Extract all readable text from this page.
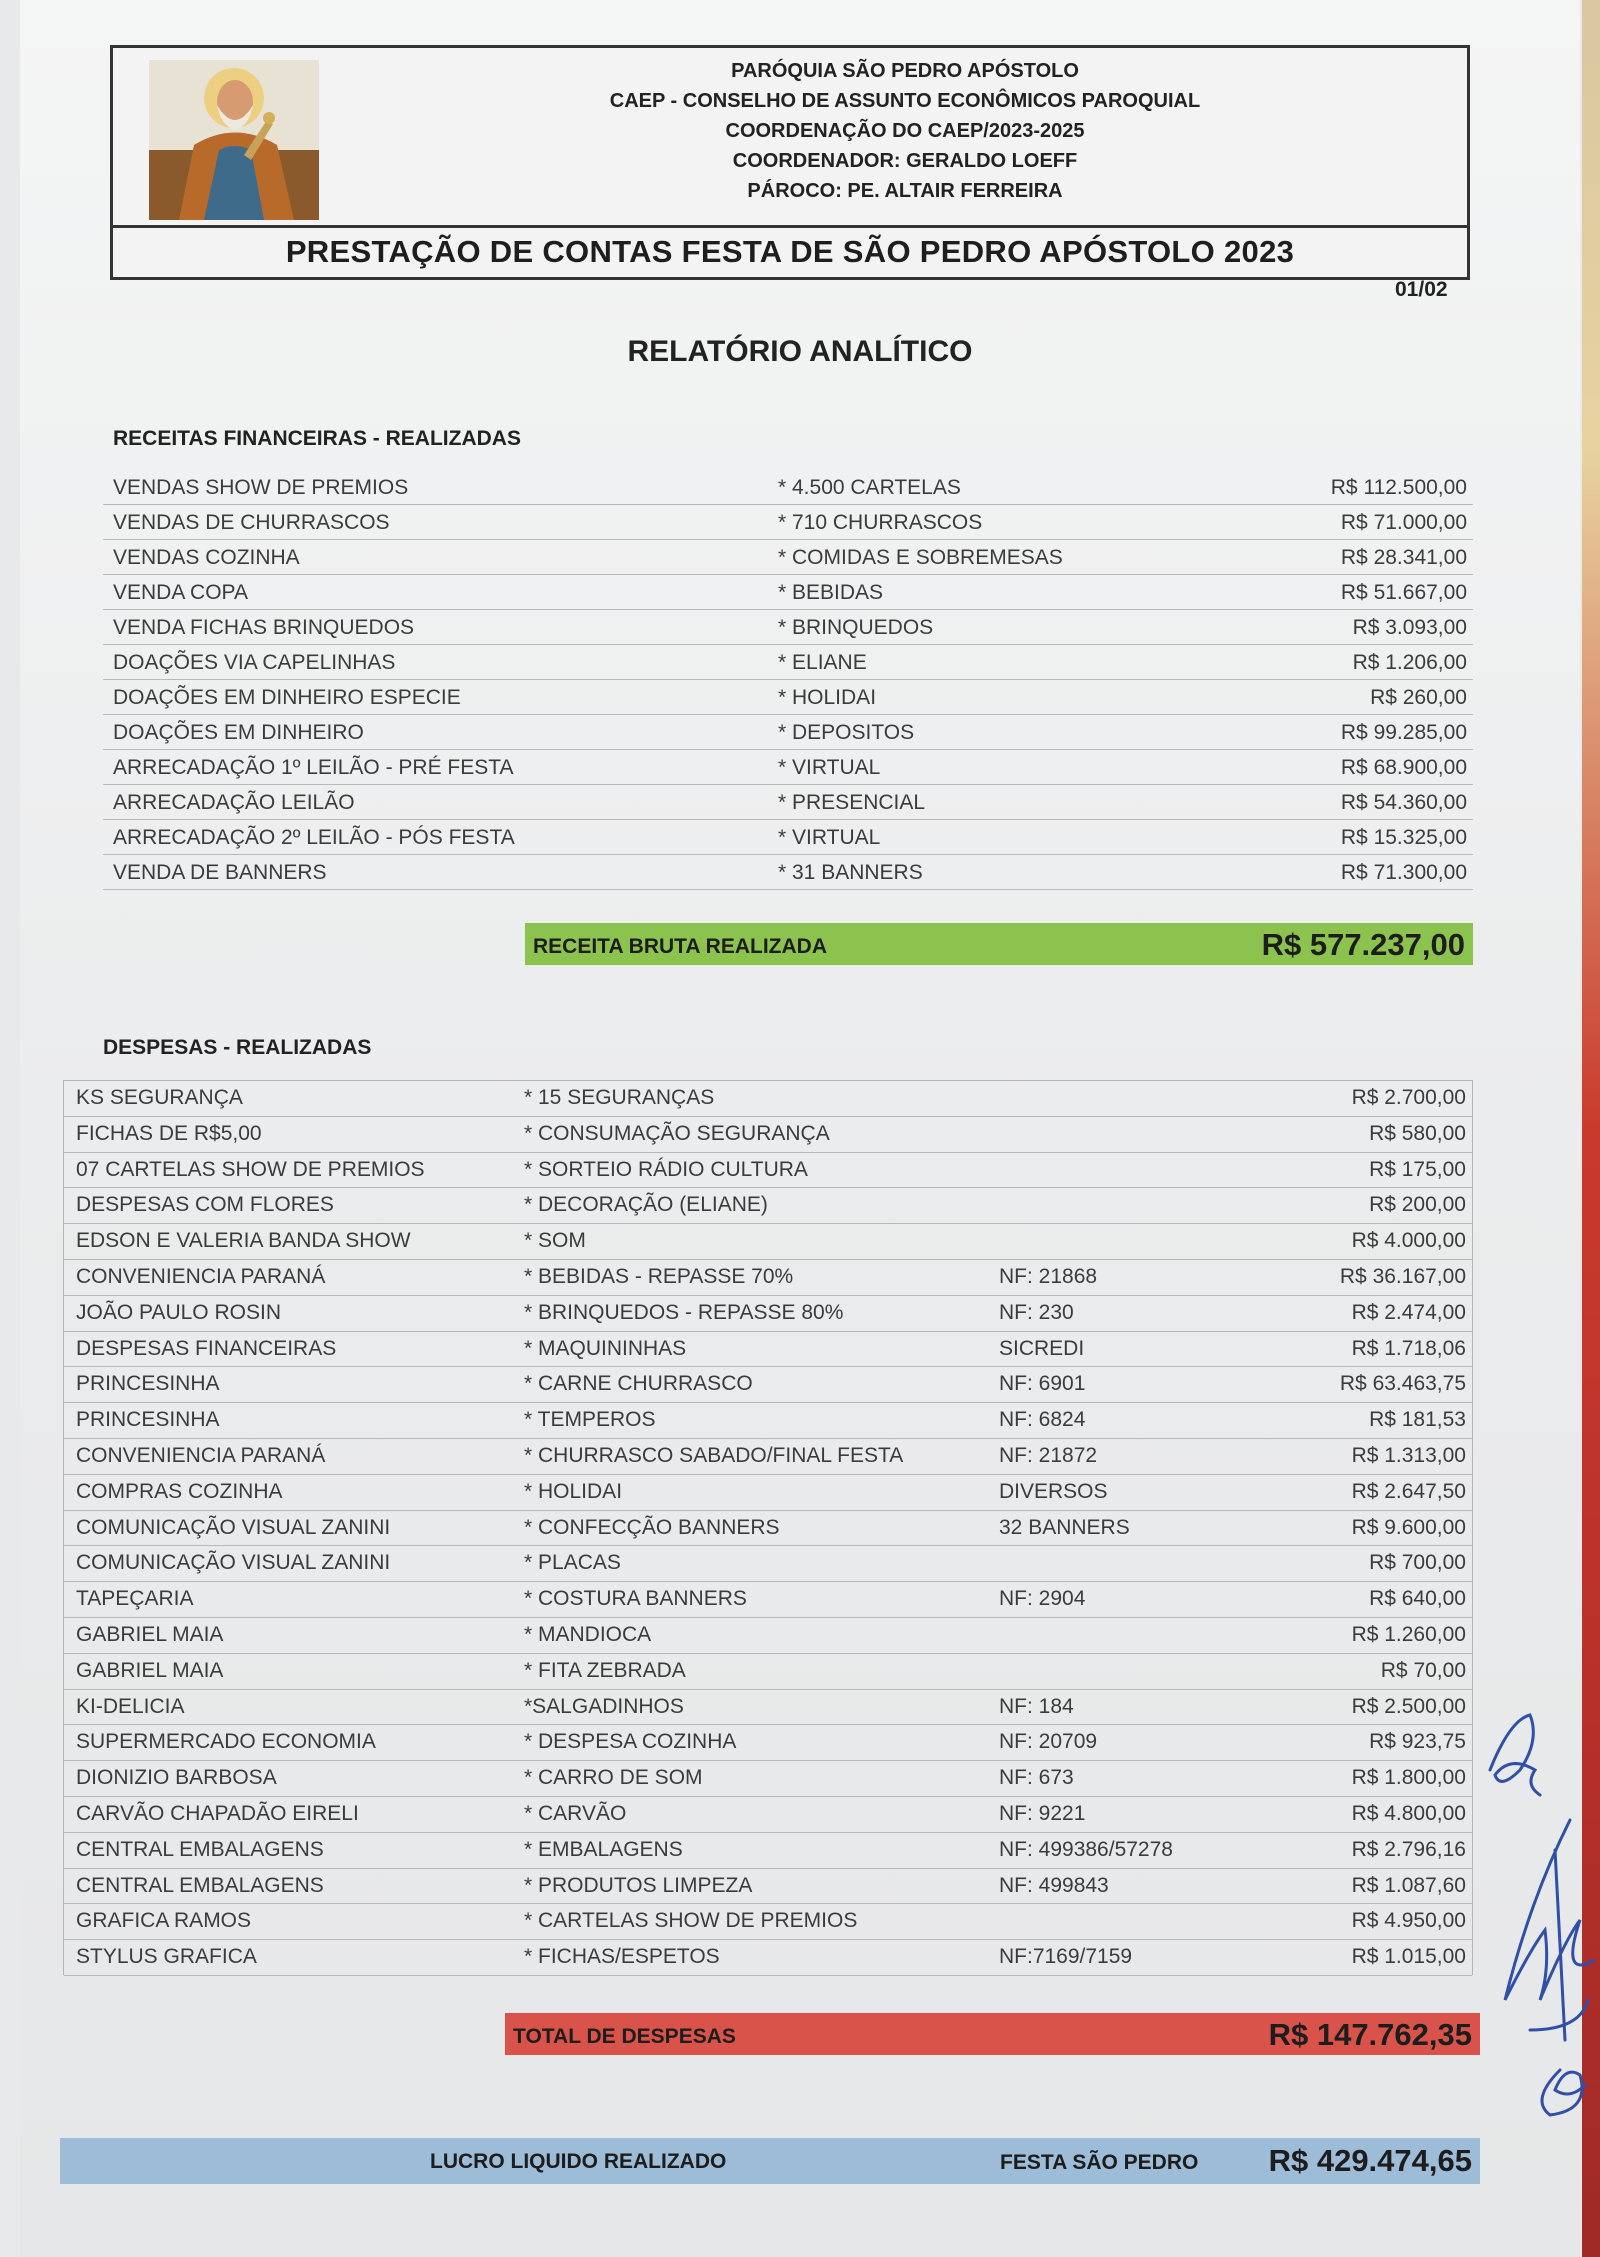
PARÓQUIA SÃO PEDRO APÓSTOLO
CAEP - CONSELHO DE ASSUNTO ECONÔMICOS PAROQUIAL
COORDENAÇÃO DO CAEP/2023-2025
COORDENADOR: GERALDO LOEFF
PÁROCO: PE. ALTAIR FERREIRA
PRESTAÇÃO DE CONTAS FESTA DE SÃO PEDRO APÓSTOLO 2023
01/02
RELATÓRIO ANALÍTICO
RECEITAS FINANCEIRAS - REALIZADAS
VENDAS SHOW DE PREMIOS	* 4.500 CARTELAS	R$ 112.500,00
VENDAS DE CHURRASCOS	* 710 CHURRASCOS	R$ 71.000,00
VENDAS COZINHA	* COMIDAS E SOBREMESAS	R$ 28.341,00
VENDA COPA	* BEBIDAS	R$ 51.667,00
VENDA FICHAS BRINQUEDOS	* BRINQUEDOS	R$ 3.093,00
DOAÇÕES VIA CAPELINHAS	* ELIANE	R$ 1.206,00
DOAÇÕES EM DINHEIRO ESPECIE	* HOLIDAI	R$ 260,00
DOAÇÕES EM DINHEIRO	* DEPOSITOS	R$ 99.285,00
ARRECADAÇÃO 1º LEILÃO - PRÉ FESTA	* VIRTUAL	R$ 68.900,00
ARRECADAÇÃO LEILÃO	* PRESENCIAL	R$ 54.360,00
ARRECADAÇÃO 2º LEILÃO - PÓS FESTA	* VIRTUAL	R$ 15.325,00
VENDA DE BANNERS	* 31 BANNERS	R$ 71.300,00
RECEITA BRUTA REALIZADA	R$ 577.237,00
DESPESAS - REALIZADAS
KS SEGURANÇA	* 15 SEGURANÇAS	R$ 2.700,00
FICHAS DE R$5,00	* CONSUMAÇÃO SEGURANÇA	R$ 580,00
07 CARTELAS SHOW DE PREMIOS	* SORTEIO RÁDIO CULTURA	R$ 175,00
DESPESAS COM FLORES	* DECORAÇÃO (ELIANE)	R$ 200,00
EDSON E VALERIA BANDA SHOW	* SOM	R$ 4.000,00
CONVENIENCIA PARANÁ	* BEBIDAS - REPASSE 70%	NF: 21868	R$ 36.167,00
JOÃO PAULO ROSIN	* BRINQUEDOS - REPASSE 80%	NF: 230	R$ 2.474,00
DESPESAS FINANCEIRAS	* MAQUININHAS	SICREDI	R$ 1.718,06
PRINCESINHA	* CARNE CHURRASCO	NF: 6901	R$ 63.463,75
PRINCESINHA	* TEMPEROS	NF: 6824	R$ 181,53
CONVENIENCIA PARANÁ	* CHURRASCO SABADO/FINAL FESTA	NF: 21872	R$ 1.313,00
COMPRAS COZINHA	* HOLIDAI	DIVERSOS	R$ 2.647,50
COMUNICAÇÃO VISUAL ZANINI	* CONFECÇÃO BANNERS	32 BANNERS	R$ 9.600,00
COMUNICAÇÃO VISUAL ZANINI	* PLACAS	R$ 700,00
TAPEÇARIA	* COSTURA BANNERS	NF: 2904	R$ 640,00
GABRIEL MAIA	* MANDIOCA	R$ 1.260,00
GABRIEL MAIA	* FITA ZEBRADA	R$ 70,00
KI-DELICIA	*SALGADINHOS	NF: 184	R$ 2.500,00
SUPERMERCADO ECONOMIA	* DESPESA COZINHA	NF: 20709	R$ 923,75
DIONIZIO BARBOSA	* CARRO DE SOM	NF: 673	R$ 1.800,00
CARVÃO CHAPADÃO EIRELI	* CARVÃO	NF: 9221	R$ 4.800,00
CENTRAL EMBALAGENS	* EMBALAGENS	NF: 499386/57278	R$ 2.796,16
CENTRAL EMBALAGENS	* PRODUTOS LIMPEZA	NF: 499843	R$ 1.087,60
GRAFICA RAMOS	* CARTELAS SHOW DE PREMIOS	R$ 4.950,00
STYLUS GRAFICA	* FICHAS/ESPETOS	NF:7169/7159	R$ 1.015,00
TOTAL DE DESPESAS	R$ 147.762,35
LUCRO LIQUIDO REALIZADO	FESTA SÃO PEDRO R$ 429.474,65
